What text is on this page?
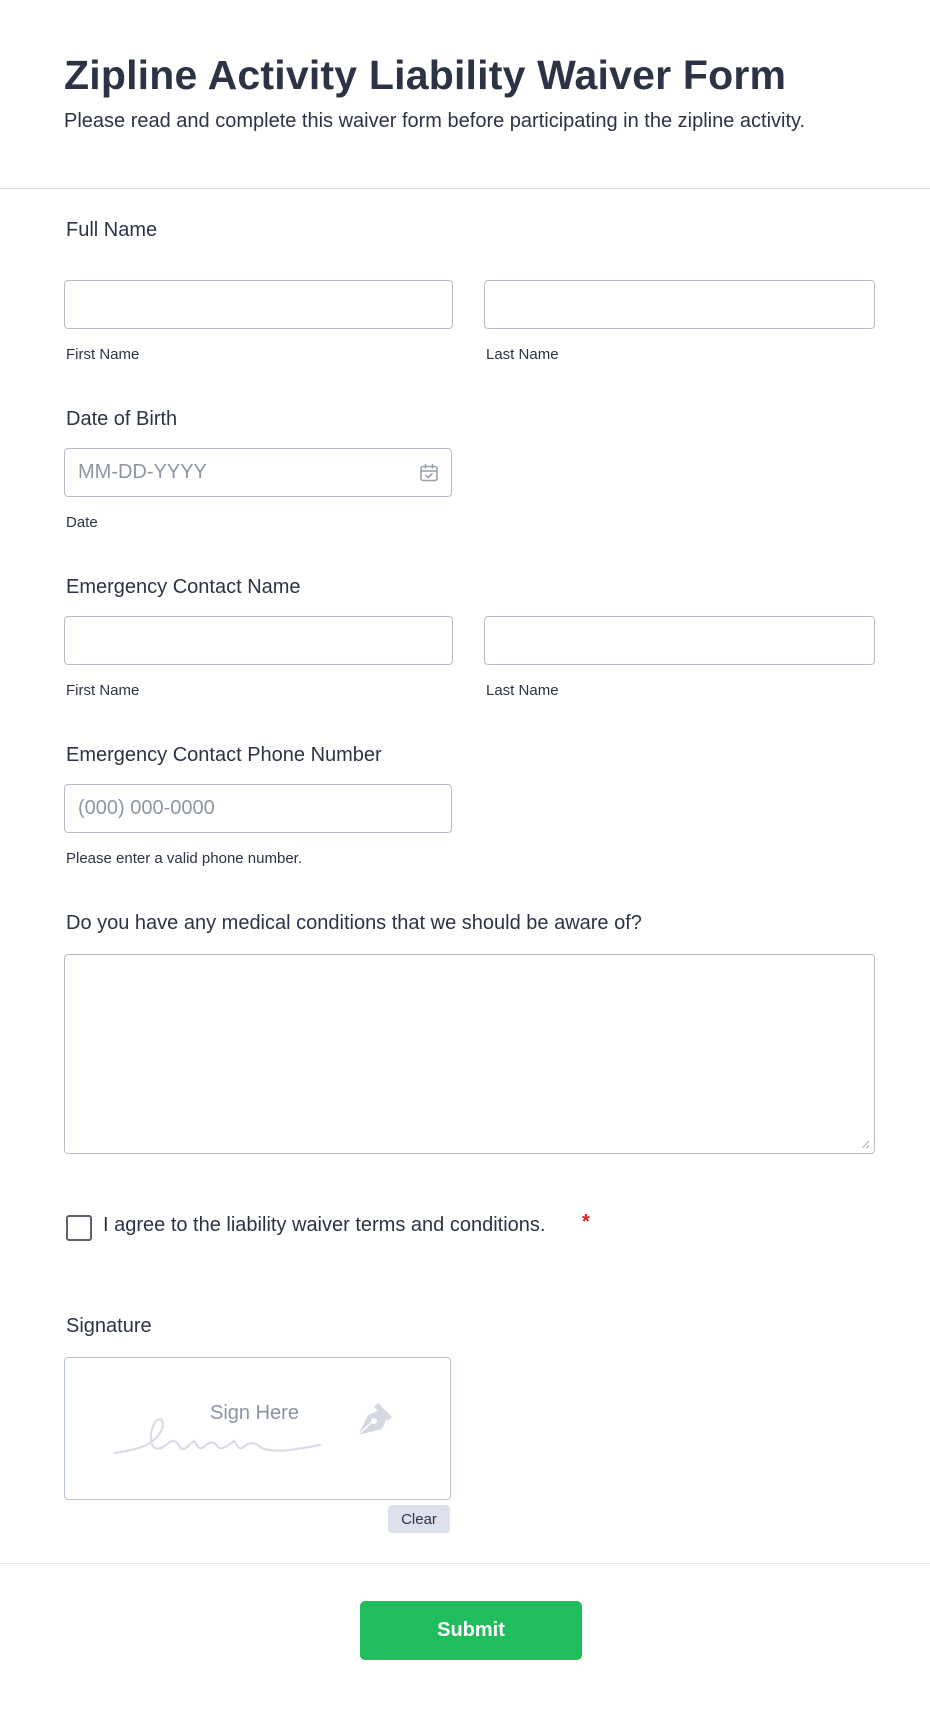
Zipline Activity Liability Waiver Form
Please read and complete this waiver form before participating in the zipline activity.
Full Name
First Name	Last Name
Date of Birth
MM-DD-YYYY
Date
Emergency Contact Name
First Name	Last Name
Emergency Contact Phone Number
(000) 000-0000
Please enter a valid phone number.
Do you have any medical conditions that we should be aware of?
I agree to the liability waiver terms and conditions. *
Signature
Sign Here
Clear
Submit
